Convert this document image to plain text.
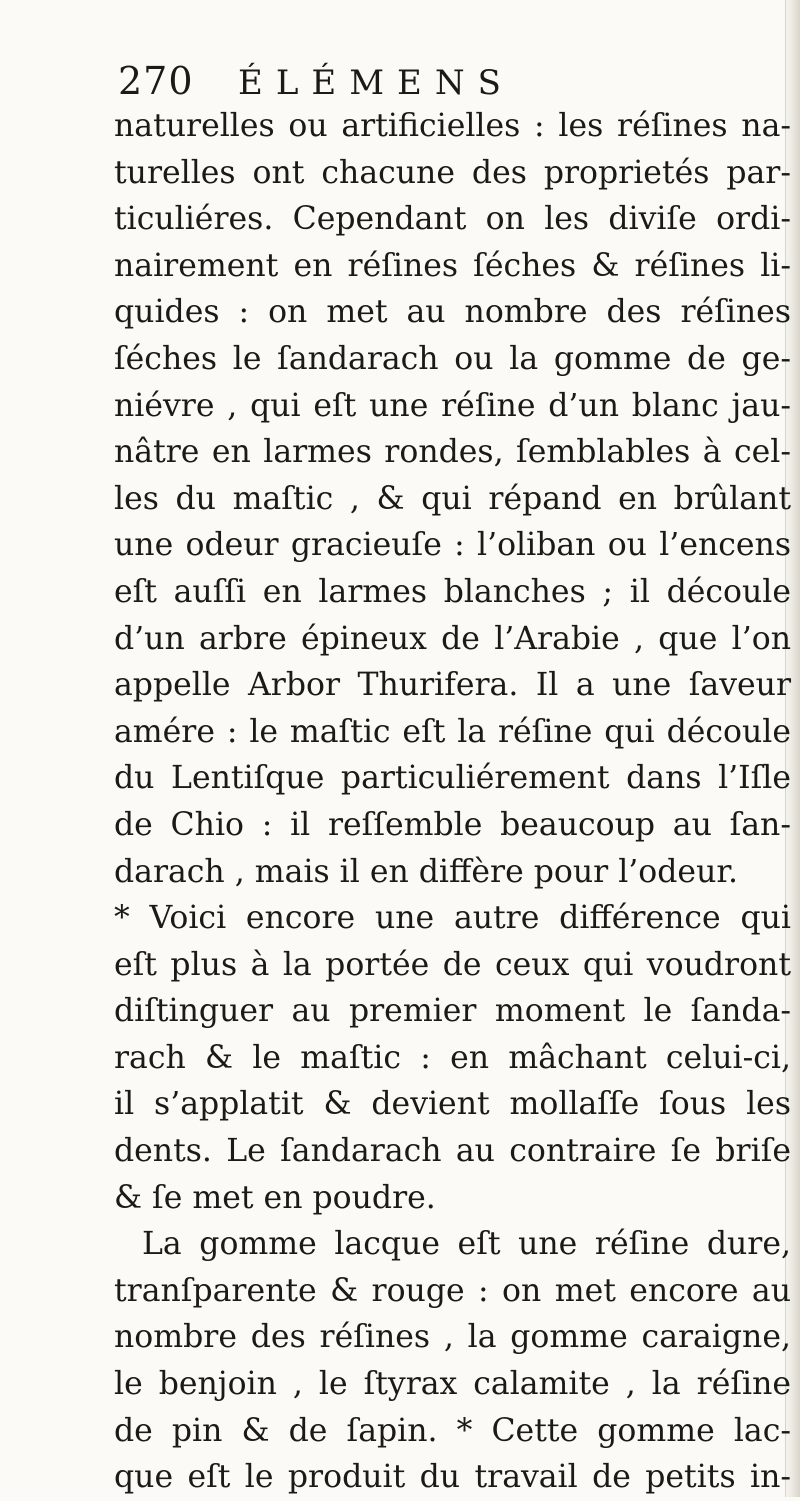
270	ÉLÉMENS
naturelles ou artificielles : les réſines na-
turelles ont chacune des proprietés par-
ticuliéres. Cependant on les diviſe ordi-
nairement en réſines ſéches & réſines li-
quides : on met au nombre des réſines
ſéches le ſandarach ou la gomme de ge-
niévre , qui eſt une réſine d’un blanc jau-
nâtre en larmes rondes, ſemblables à cel-
les du maſtic , & qui répand en brûlant
une odeur gracieuſe : l’oliban ou l’encens
eſt auſſi en larmes blanches ; il découle
d’un arbre épineux de l’Arabie , que l’on
appelle Arbor Thurifera. Il a une ſaveur
amére : le maſtic eſt la réſine qui découle
du Lentiſque particuliérement dans l’Iſle
de Chio : il reſſemble beaucoup au ſan-
darach , mais il en diffère pour l’odeur.
* Voici encore une autre différence qui
eſt plus à la portée de ceux qui voudront
diſtinguer au premier moment le ſanda-
rach & le maſtic : en mâchant celui-ci,
il s’applatit & devient mollaſſe ſous les
dents. Le ſandarach au contraire ſe briſe
& ſe met en poudre.
La gomme lacque eſt une réſine dure,
tranſparente & rouge : on met encore au
nombre des réſines , la gomme caraigne,
le benjoin , le ſtyrax calamite , la réſine
de pin & de ſapin. * Cette gomme lac-
que eſt le produit du travail de petits in-
